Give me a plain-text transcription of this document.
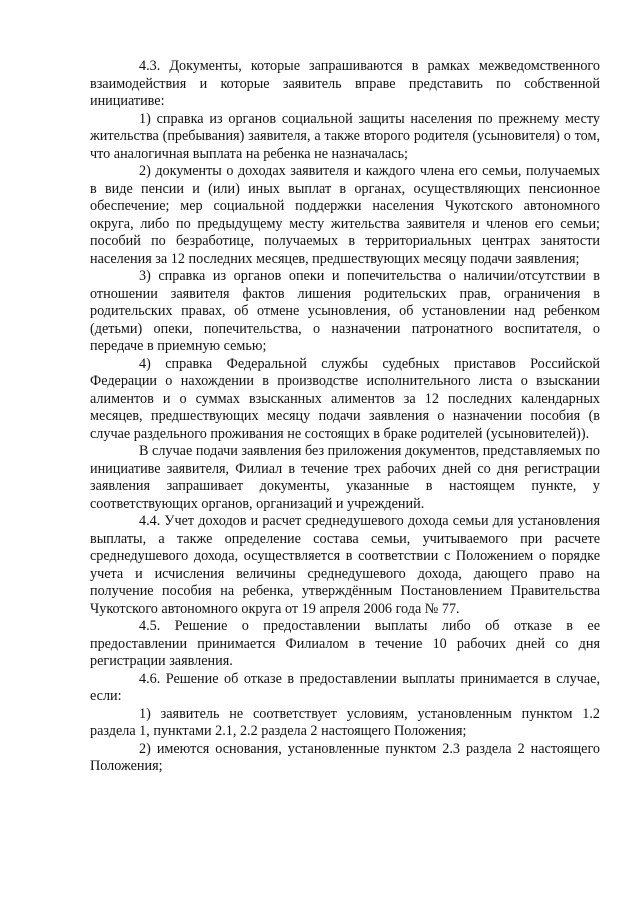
4.3. Документы, которые запрашиваются в рамках межведомственного взаимодействия и которые заявитель вправе представить по собственной инициативе:

1) справка из органов социальной защиты населения по прежнему месту жительства (пребывания) заявителя, а также второго родителя (усыновителя) о том, что аналогичная выплата на ребенка не назначалась;

2) документы о доходах заявителя и каждого члена его семьи, получаемых в виде пенсии и (или) иных выплат в органах, осуществляющих пенсионное обеспечение; мер социальной поддержки населения Чукотского автономного округа, либо по предыдущему месту жительства заявителя и членов его семьи; пособий по безработице, получаемых в территориальных центрах занятости населения за 12 последних месяцев, предшествующих месяцу подачи заявления;

3) справка из органов опеки и попечительства о наличии/отсутствии в отношении заявителя фактов лишения родительских прав, ограничения в родительских правах, об отмене усыновления, об установлении над ребенком (детьми) опеки, попечительства, о назначении патронатного воспитателя, о передаче в приемную семью;

4) справка Федеральной службы судебных приставов Российской Федерации о нахождении в производстве исполнительного листа о взыскании алиментов и о суммах взысканных алиментов за 12 последних календарных месяцев, предшествующих месяцу подачи заявления о назначении пособия (в случае раздельного проживания не состоящих в браке родителей (усыновителей)).

В случае подачи заявления без приложения документов, представляемых по инициативе заявителя, Филиал в течение трех рабочих дней со дня регистрации заявления запрашивает документы, указанные в настоящем пункте, у соответствующих органов, организаций и учреждений.

4.4. Учет доходов и расчет среднедушевого дохода семьи для установления выплаты, а также определение состава семьи, учитываемого при расчете среднедушевого дохода, осуществляется в соответствии с Положением о порядке учета и исчисления величины среднедушевого дохода, дающего право на получение пособия на ребенка, утверждённым Постановлением Правительства Чукотского автономного округа от 19 апреля 2006 года № 77.

4.5. Решение о предоставлении выплаты либо об отказе в ее предоставлении принимается Филиалом в течение 10 рабочих дней со дня регистрации заявления.

4.6. Решение об отказе в предоставлении выплаты принимается в случае, если:

1) заявитель не соответствует условиям, установленным пунктом 1.2 раздела 1, пунктами 2.1, 2.2 раздела 2 настоящего Положения;

2) имеются основания, установленные пунктом 2.3 раздела 2 настоящего Положения;
